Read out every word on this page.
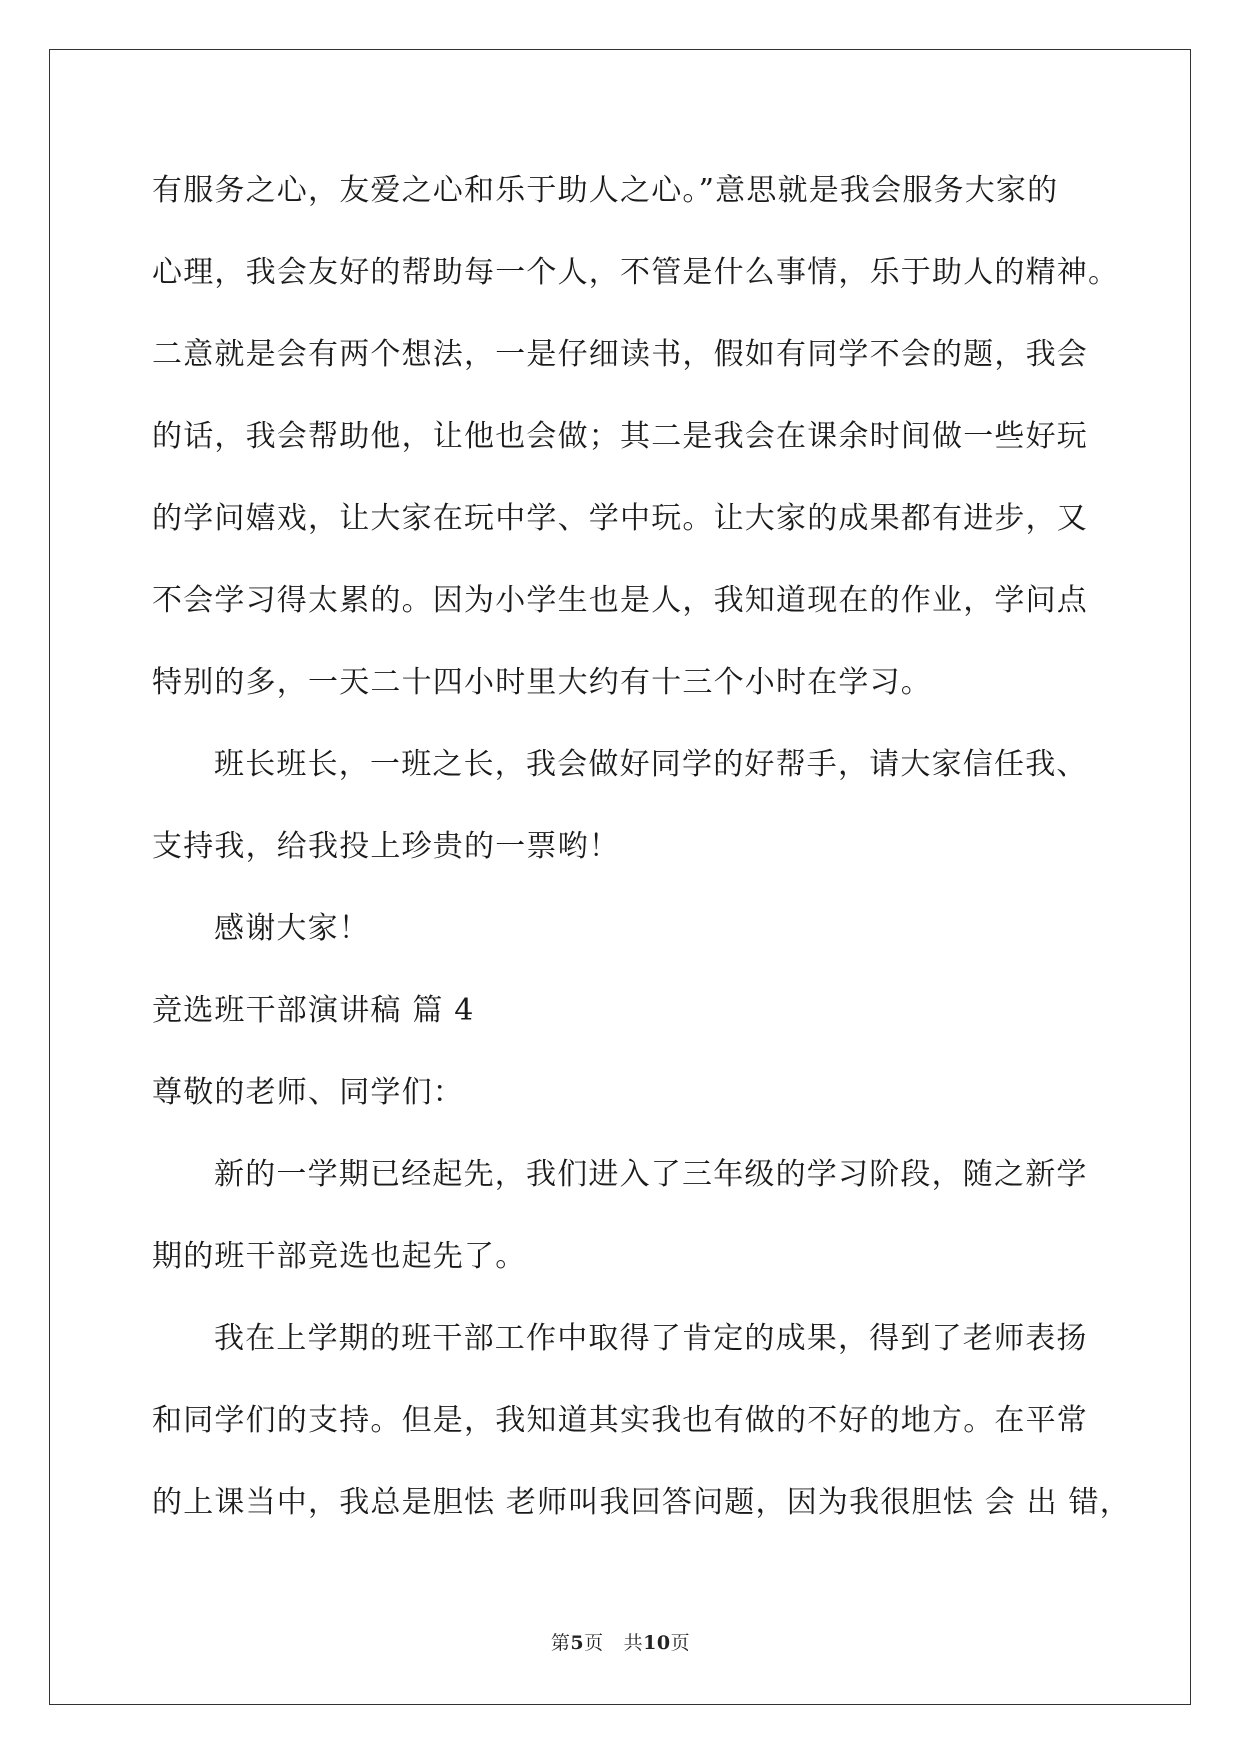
有服务之心，友爱之心和乐于助人之心。”意思就是我会服务大家的
心理，我会友好的帮助每一个人，不管是什么事情，乐于助人的精神。
二意就是会有两个想法，一是仔细读书，假如有同学不会的题，我会
的话，我会帮助他，让他也会做；其二是我会在课余时间做一些好玩
的学问嬉戏，让大家在玩中学、学中玩。让大家的成果都有进步，又
不会学习得太累的。因为小学生也是人，我知道现在的作业，学问点
特别的多，一天二十四小时里大约有十三个小时在学习。
班长班长，一班之长，我会做好同学的好帮手，请大家信任我、
支持我，给我投上珍贵的一票哟！
感谢大家！
竞选班干部演讲稿 篇 4
尊敬的老师、同学们：
新的一学期已经起先，我们进入了三年级的学习阶段，随之新学
期的班干部竞选也起先了。
我在上学期的班干部工作中取得了肯定的成果，得到了老师表扬
和同学们的支持。但是，我知道其实我也有做的不好的地方。在平常
的上课当中，我总是胆怯 老师叫我回答问题，因为我很胆怯 会 出 错，
第5页 共10页
